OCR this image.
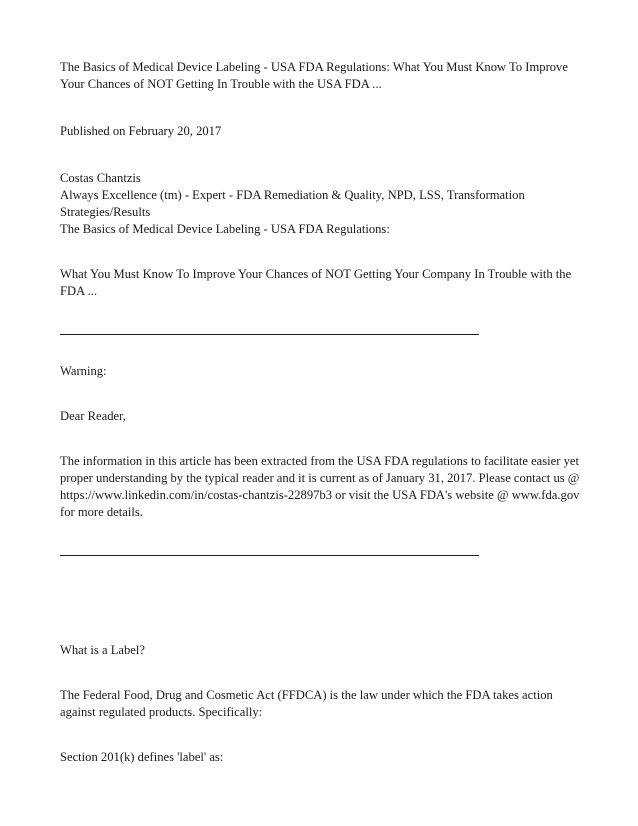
The Basics of Medical Device Labeling - USA FDA Regulations: What You Must Know To Improve Your Chances of NOT Getting In Trouble with the USA FDA ...

Published on February 20, 2017

Costas Chantzis

Always Excellence (tm) - Expert - FDA Remediation & Quality, NPD, LSS, Transformation Strategies/Results

The Basics of Medical Device Labeling - USA FDA Regulations:

What You Must Know To Improve Your Chances of NOT Getting Your Company In Trouble with the FDA ...

Warning:

Dear Reader,

The information in this article has been extracted from the USA FDA regulations to facilitate easier yet proper understanding by the typical reader and it is current as of January 31, 2017. Please contact us @ https://www.linkedin.com/in/costas-chantzis-22897b3 or visit the USA FDA's website @ www.fda.gov for more details.

What is a Label?

The Federal Food, Drug and Cosmetic Act (FFDCA) is the law under which the FDA takes action against regulated products. Specifically:

Section 201(k) defines 'label' as:
